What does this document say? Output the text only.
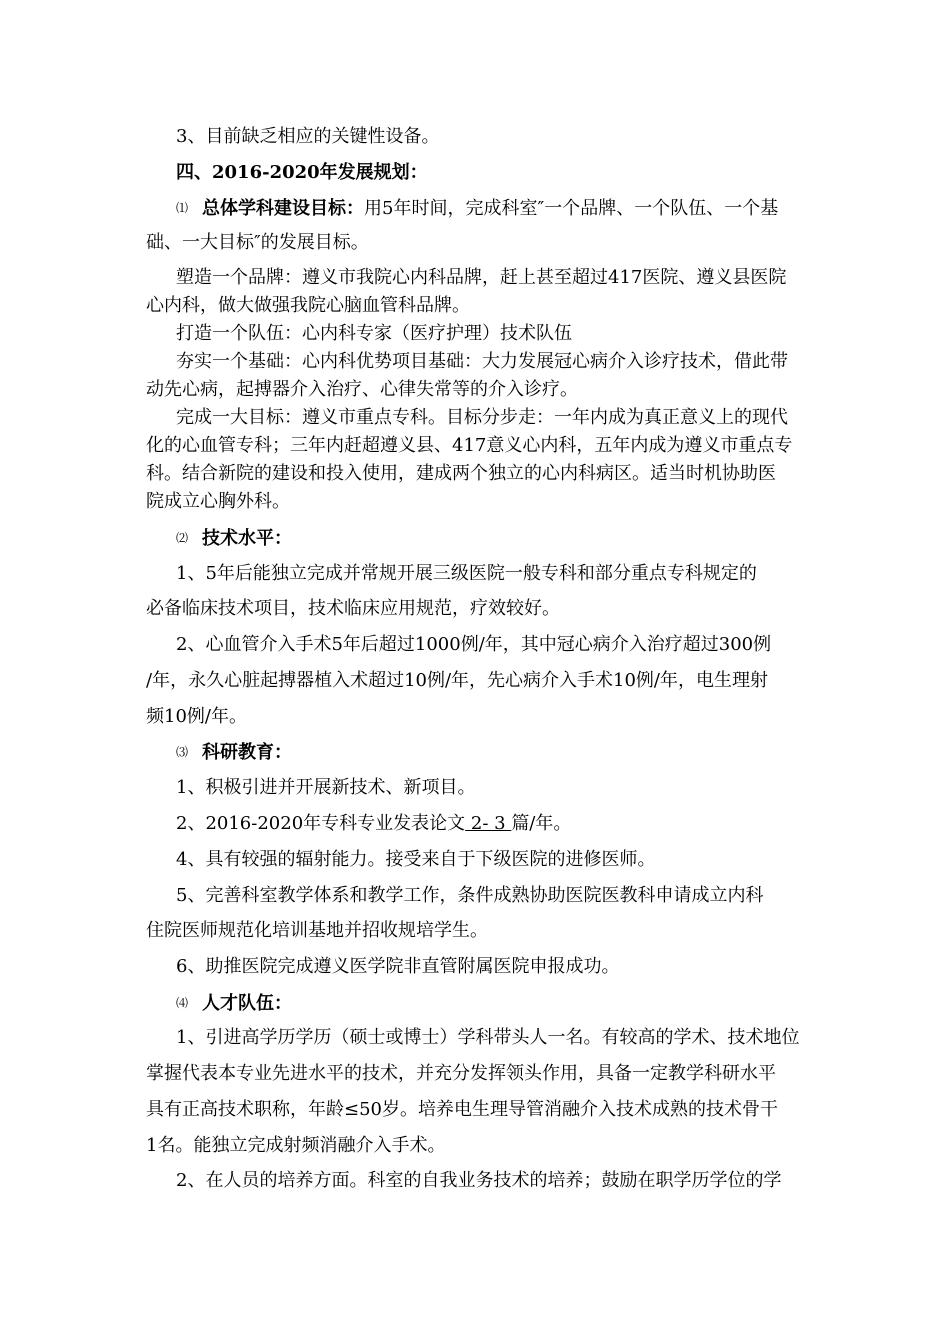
3、目前缺乏相应的关键性设备。
四、2016-2020年发展规划：
⑴ 总体学科建设目标：用5年时间，完成科室″一个品牌、一个队伍、一个基
础、一大目标″的发展目标。
塑造一个品牌：遵义市我院心内科品牌，赶上甚至超过417医院、遵义县医院
心内科，做大做强我院心脑血管科品牌。
打造一个队伍：心内科专家（医疗护理）技术队伍
夯实一个基础：心内科优势项目基础：大力发展冠心病介入诊疗技术，借此带
动先心病，起搏器介入治疗、心律失常等的介入诊疗。
完成一大目标：遵义市重点专科。目标分步走：一年内成为真正意义上的现代
化的心血管专科；三年内赶超遵义县、417意义心内科，五年内成为遵义市重点专
科。结合新院的建设和投入使用，建成两个独立的心内科病区。适当时机协助医
院成立心胸外科。
⑵ 技术水平：
1、5年后能独立完成并常规开展三级医院一般专科和部分重点专科规定的
必备临床技术项目，技术临床应用规范，疗效较好。
2、心血管介入手术5年后超过1000例/年，其中冠心病介入治疗超过300例
/年，永久心脏起搏器植入术超过10例/年，先心病介入手术10例/年，电生理射
频10例/年。
⑶ 科研教育：
1、积极引进并开展新技术、新项目。
2、2016-2020年专科专业发表论文 2- 3 篇/年。
4、具有较强的辐射能力。接受来自于下级医院的进修医师。
5、完善科室教学体系和教学工作，条件成熟协助医院医教科申请成立内科
住院医师规范化培训基地并招收规培学生。
6、助推医院完成遵义医学院非直管附属医院申报成功。
⑷ 人才队伍：
1、引进高学历学历（硕士或博士）学科带头人一名。有较高的学术、技术地位
掌握代表本专业先进水平的技术，并充分发挥领头作用，具备一定教学科研水平
具有正高技术职称，年龄≤50岁。培养电生理导管消融介入技术成熟的技术骨干
1名。能独立完成射频消融介入手术。
2、在人员的培养方面。科室的自我业务技术的培养；鼓励在职学历学位的学
